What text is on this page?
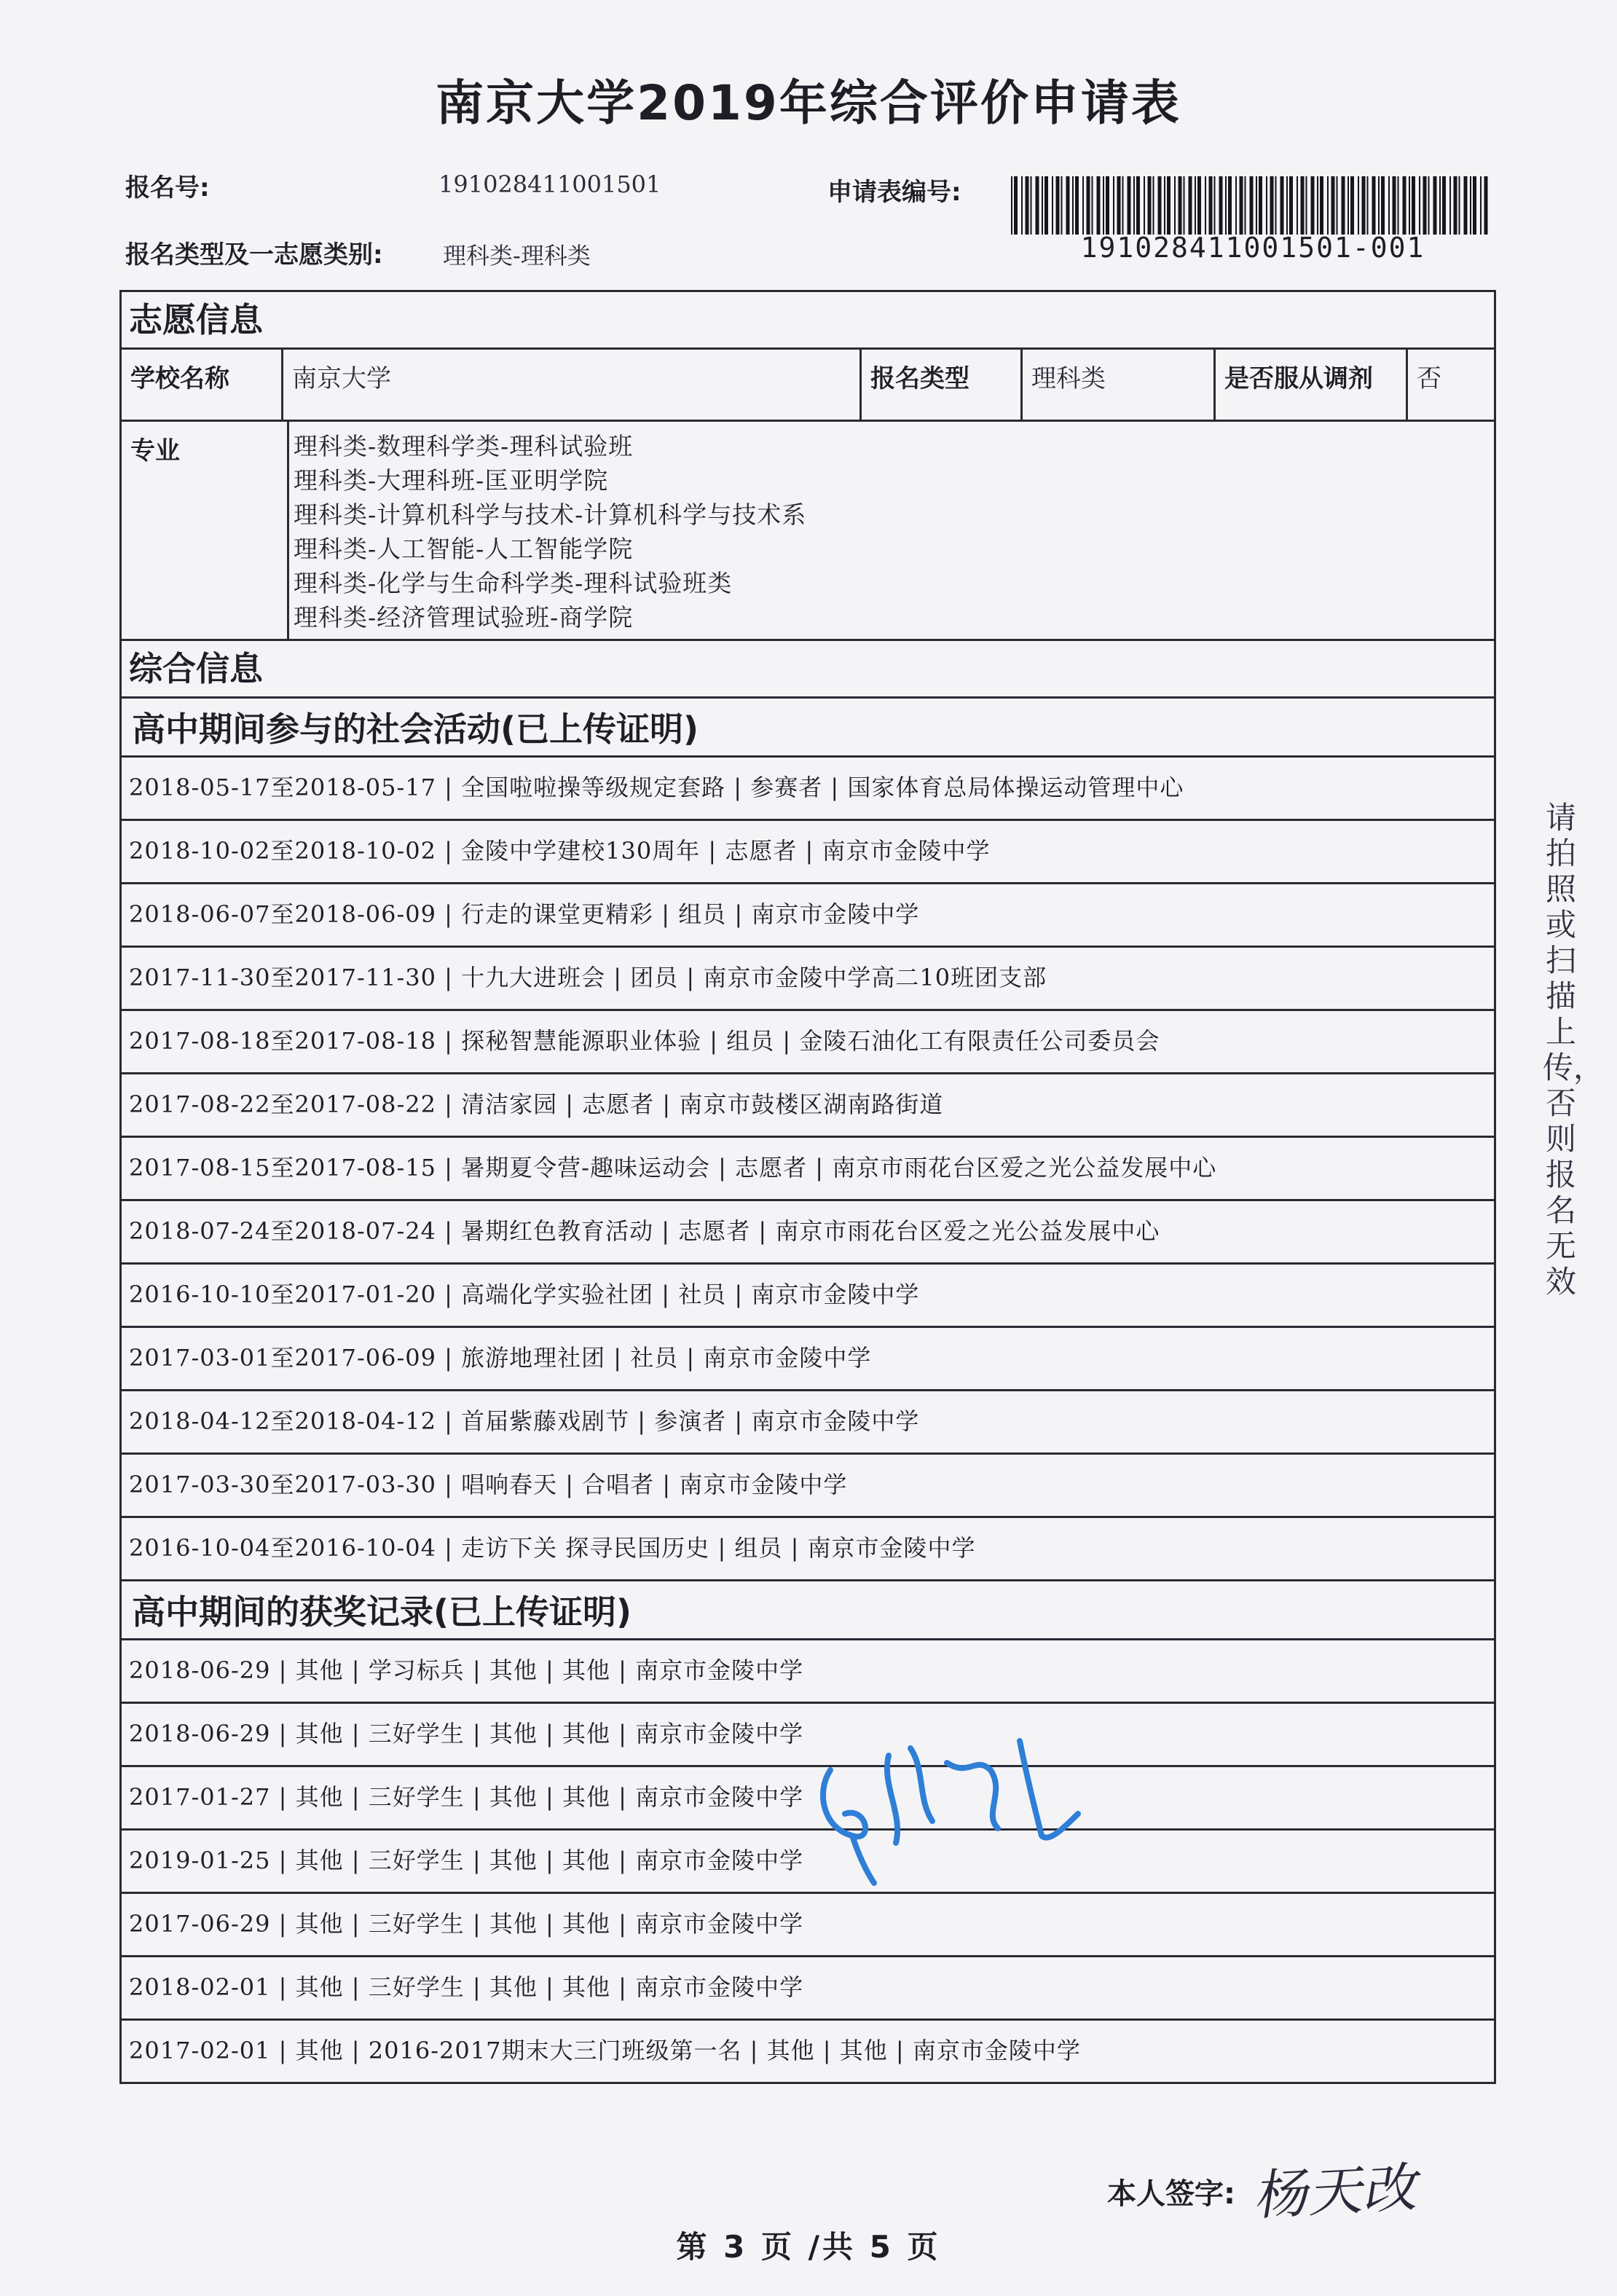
南京大学2019年综合评价申请表
报名号:	191028411001501	申请表编号:
191028411001501-001
报名类型及一志愿类别:	理科类-理科类
志愿信息
学校名称	南京大学	报名类型	理科类	是否服从调剂	否
专业	理科类-数理科学类-理科试验班
理科类-大理科班-匡亚明学院
理科类-计算机科学与技术-计算机科学与技术系
理科类-人工智能-人工智能学院
理科类-化学与生命科学类-理科试验班类
理科类-经济管理试验班-商学院
综合信息
高中期间参与的社会活动(已上传证明)
2018-05-17至2018-05-17 | 全国啦啦操等级规定套路 | 参赛者 | 国家体育总局体操运动管理中心
2018-10-02至2018-10-02 | 金陵中学建校130周年 | 志愿者 | 南京市金陵中学
2018-06-07至2018-06-09 | 行走的课堂更精彩 | 组员 | 南京市金陵中学
2017-11-30至2017-11-30 | 十九大进班会 | 团员 | 南京市金陵中学高二10班团支部
2017-08-18至2017-08-18 | 探秘智慧能源职业体验 | 组员 | 金陵石油化工有限责任公司委员会
2017-08-22至2017-08-22 | 清洁家园 | 志愿者 | 南京市鼓楼区湖南路街道
2017-08-15至2017-08-15 | 暑期夏令营-趣味运动会 | 志愿者 | 南京市雨花台区爱之光公益发展中心
2018-07-24至2018-07-24 | 暑期红色教育活动 | 志愿者 | 南京市雨花台区爱之光公益发展中心
2016-10-10至2017-01-20 | 高端化学实验社团 | 社员 | 南京市金陵中学
2017-03-01至2017-06-09 | 旅游地理社团 | 社员 | 南京市金陵中学
2018-04-12至2018-04-12 | 首届紫藤戏剧节 | 参演者 | 南京市金陵中学
2017-03-30至2017-03-30 | 唱响春天 | 合唱者 | 南京市金陵中学
2016-10-04至2016-10-04 | 走访下关 探寻民国历史 | 组员 | 南京市金陵中学
高中期间的获奖记录(已上传证明)
2018-06-29 | 其他 | 学习标兵 | 其他 | 其他 | 南京市金陵中学
2018-06-29 | 其他 | 三好学生 | 其他 | 其他 | 南京市金陵中学
2017-01-27 | 其他 | 三好学生 | 其他 | 其他 | 南京市金陵中学
2019-01-25 | 其他 | 三好学生 | 其他 | 其他 | 南京市金陵中学
2017-06-29 | 其他 | 三好学生 | 其他 | 其他 | 南京市金陵中学
2018-02-01 | 其他 | 三好学生 | 其他 | 其他 | 南京市金陵中学
2017-02-01 | 其他 | 2016-2017期末大三门班级第一名 | 其他 | 其他 | 南京市金陵中学
请拍照或扫描上传，否则报名无效
本人签字: 杨天改
第 3 页 /共 5 页
